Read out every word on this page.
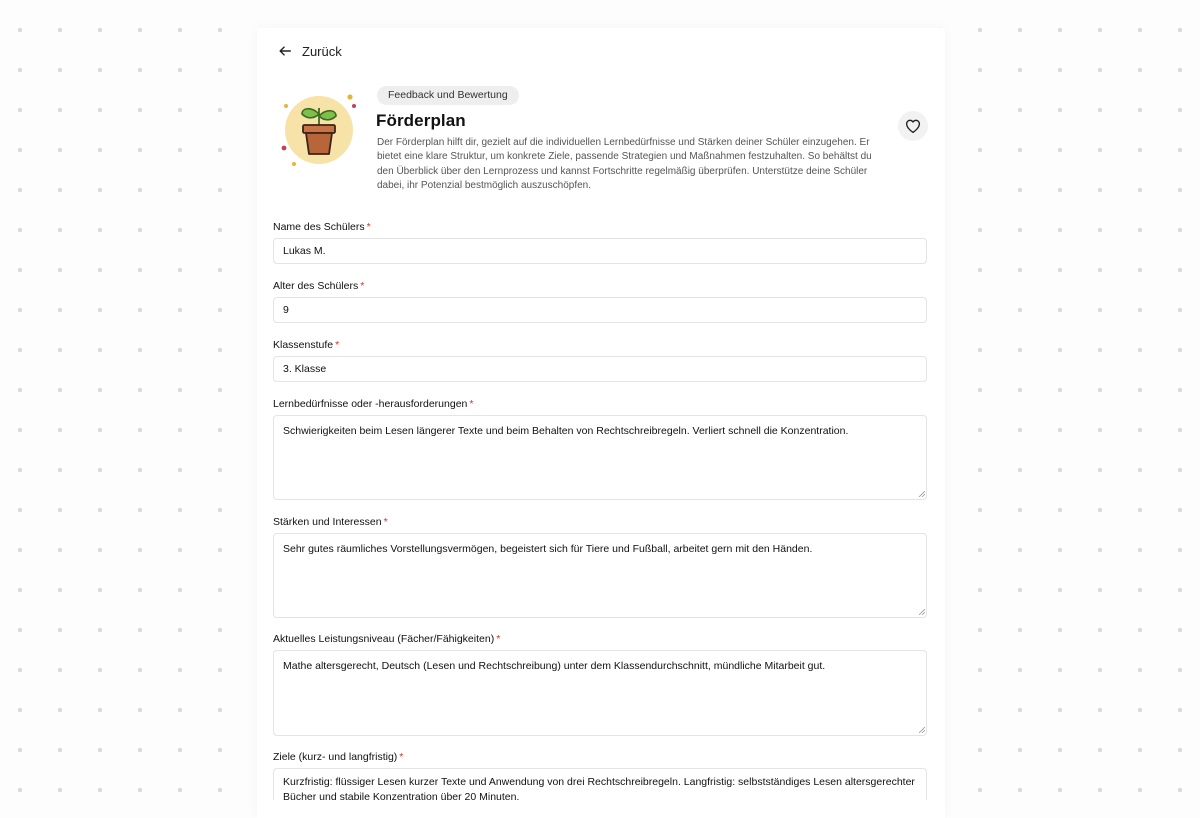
Zurück
Feedback und Bewertung
Förderplan

Der Förderplan hilft dir, gezielt auf die individuellen Lernbedürfnisse und Stärken deiner Schüler einzugehen. Er bietet eine klare Struktur, um konkrete Ziele, passende Strategien und Maßnahmen festzuhalten. So behältst du den Überblick über den Lernprozess und kannst Fortschritte regelmäßig überprüfen. Unterstütze deine Schüler dabei, ihr Potenzial bestmöglich auszuschöpfen.

Name des Schülers *
Lukas M.
Alter des Schülers *
9
Klassenstufe *
3. Klasse
Lernbedürfnisse oder -herausforderungen *
Schwierigkeiten beim Lesen längerer Texte und beim Behalten von Rechtschreibregeln. Verliert schnell die Konzentration.
Stärken und Interessen *
Sehr gutes räumliches Vorstellungsvermögen, begeistert sich für Tiere und Fußball, arbeitet gern mit den Händen.
Aktuelles Leistungsniveau (Fächer/Fähigkeiten) *
Mathe altersgerecht, Deutsch (Lesen und Rechtschreibung) unter dem Klassendurchschnitt, mündliche Mitarbeit gut.
Ziele (kurz- und langfristig) *
Kurzfristig: flüssiger Lesen kurzer Texte und Anwendung von drei Rechtschreibregeln. Langfristig: selbstständiges Lesen altersgerechter Bücher und stabile Konzentration über 20 Minuten.
